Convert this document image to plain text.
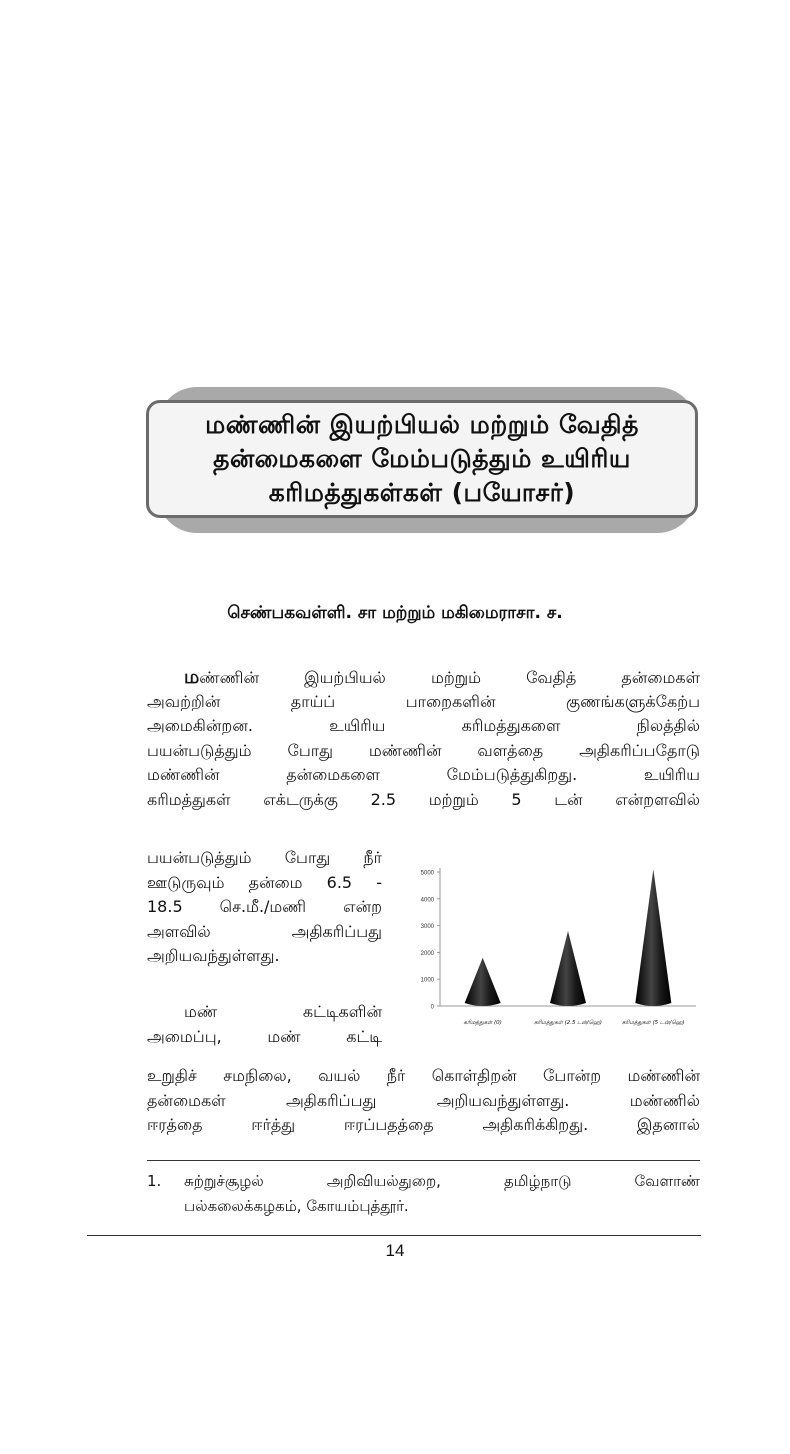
மண்ணின் இயற்பியல் மற்றும் வேதித்
தன்மைகளை மேம்படுத்தும் உயிரிய
கரிமத்துகள்கள் (பயோசர்)
செண்பகவள்ளி. சா மற்றும் மகிமைராசா. ச.
மண்ணின் இயற்பியல் மற்றும் வேதித் தன்மைகள்
அவற்றின் தாய்ப் பாறைகளின் குணங்களுக்கேற்ப
அமைகின்றன. உயிரிய கரிமத்துகளை நிலத்தில்
பயன்படுத்தும் போது மண்ணின் வளத்தை அதிகரிப்பதோடு
மண்ணின் தன்மைகளை மேம்படுத்துகிறது. உயிரிய
கரிமத்துகள் எக்டருக்கு 2.5 மற்றும் 5 டன் என்றளவில்
பயன்படுத்தும் போது நீர்
ஊடுருவும் தன்மை 6.5 -
18.5 செ.மீ./மணி என்ற
அளவில் அதிகரிப்பது
அறியவந்துள்ளது.
மண் கட்டிகளின்
அமைப்பு, மண் கட்டி
உறுதிச் சமநிலை, வயல் நீர் கொள்திறன் போன்ற மண்ணின்
தன்மைகள் அதிகரிப்பது அறியவந்துள்ளது. மண்ணில்
ஈரத்தை ஈர்த்து ஈரப்பதத்தை அதிகரிக்கிறது. இதனால்
0
1000
2000
3000
4000
5000
கரிமத்துகள் (0)	கரிமத்துகள் (2.5 டன்/ஹெ)	கரிமத்துகள் (5 டன்/ஹெ)
1. சுற்றுச்சூழல் அறிவியல்துறை, தமிழ்நாடு வேளாண்
பல்கலைக்கழகம், கோயம்புத்தூர்.
14
